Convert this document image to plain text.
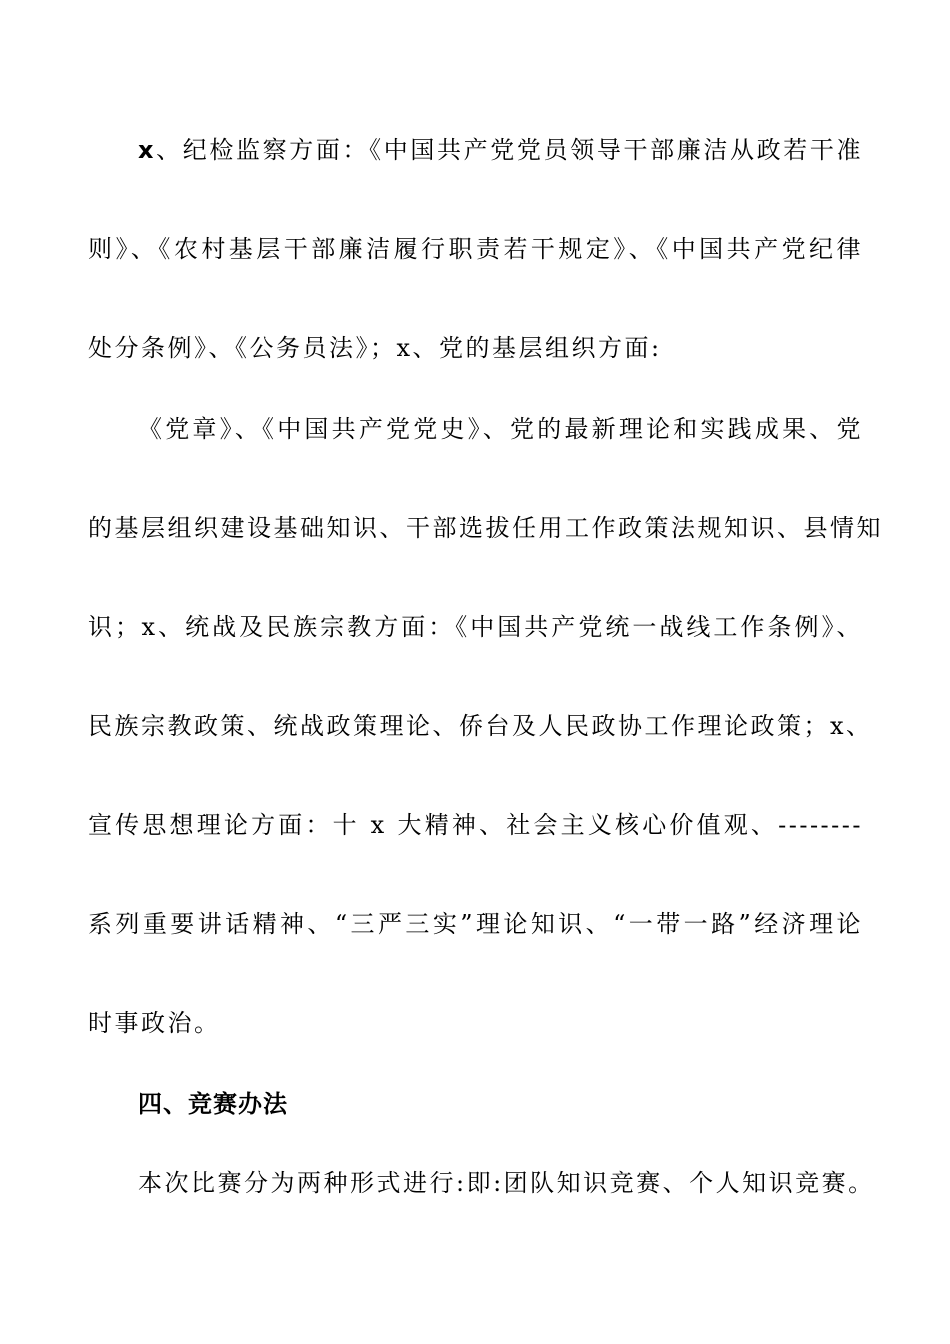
x、纪检监察方面：《中国共产党党员领导干部廉洁从政若干准
则》、《农村基层干部廉洁履行职责若干规定》、《中国共产党纪律
处分条例》、《公务员法》；x、党的基层组织方面:
《党章》、《中国共产党党史》、党的最新理论和实践成果、党
的基层组织建设基础知识、干部选拔任用工作政策法规知识、县情知
识；x、统战及民族宗教方面：《中国共产党统一战线工作条例》、
民族宗教政策、统战政策理论、侨台及人民政协工作理论政策；x、
宣传思想理论方面：十 x 大精神、社会主义核心价值观、--------
系列重要讲话精神、“三严三实”理论知识、“一带一路”经济理论
时事政治。
四、竞赛办法
本次比赛分为两种形式进行:即:团队知识竞赛、个人知识竞赛。
